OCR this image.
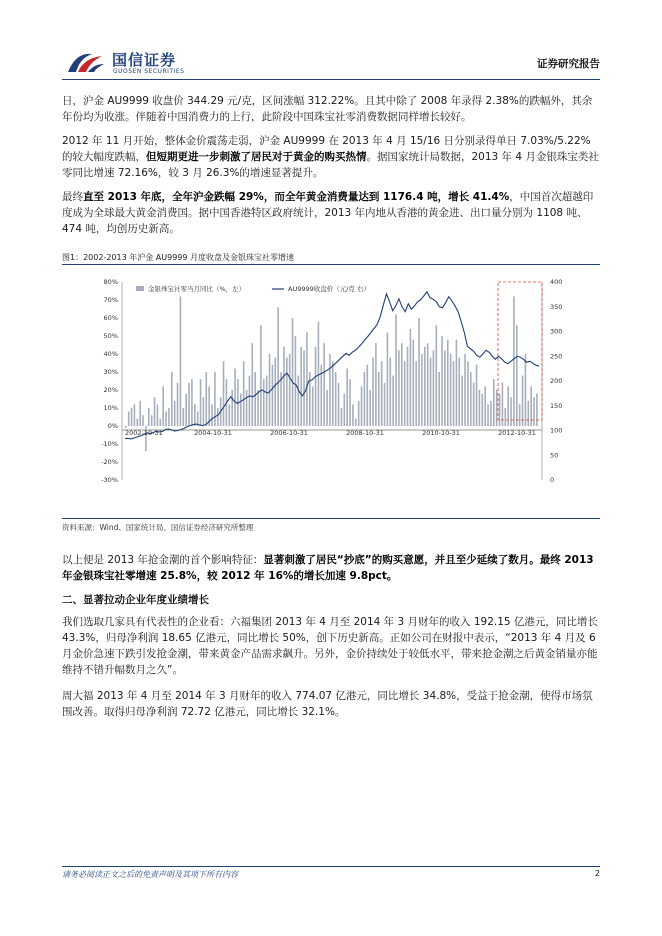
国信证券
GUOSEN SECURITIES
证券研究报告
日，沪金 AU9999 收盘价 344.29 元/克，区间涨幅 312.22%。且其中除了 2008 年录得 2.38%的跌幅外，其余年份均为收涨。伴随着中国消费力的上行，此阶段中国珠宝社零消费数据同样增长较好。
2012 年 11 月开始，整体金价震荡走弱，沪金 AU9999 在 2013 年 4 月 15/16 日分别录得单日 7.03%/5.22%的较大幅度跌幅，但短期更进一步刺激了居民对于黄金的购买热情。据国家统计局数据，2013 年 4 月金银珠宝类社零同比增速 72.16%，较 3 月 26.3%的增速显著提升。
最终直至 2013 年底，全年沪金跌幅 29%，而全年黄金消费量达到 1176.4 吨，增长 41.4%，中国首次超越印度成为全球最大黄金消费国。据中国香港特区政府统计，2013 年内地从香港的黄金进、出口量分别为 1108 吨、474 吨，均创历史新高。
图1：2002-2013 年沪金 AU9999 月度收盘及金银珠宝社零增速
80%
70%
60%
50%
40%
30%
20%
10%
0%
-10%
-20%
-30%
400
350
300
250
200
150
100
50
0
金银珠宝社零当月同比（%，左）	AU9999收盘价（元/克 右）
2002-10-31	2004-10-31	2006-10-31	2008-10-31	2010-10-31	2012-10-31
资料来源：Wind、国家统计局、国信证券经济研究所整理
以上便是 2013 年抢金潮的首个影响特征：显著刺激了居民“抄底”的购买意愿，并且至少延续了数月。最终 2013 年金银珠宝社零增速 25.8%，较 2012 年 16%的增长加速 9.8pct。
二、显著拉动企业年度业绩增长
我们选取几家具有代表性的企业看：六福集团 2013 年 4 月至 2014 年 3 月财年的收入 192.15 亿港元，同比增长 43.3%，归母净利润 18.65 亿港元，同比增长 50%，创下历史新高。正如公司在财报中表示，“2013 年 4 月及 6 月金价急速下跌引发抢金潮，带来黄金产品需求飙升。另外，金价持续处于较低水平，带来抢金潮之后黄金销量亦能维持不错升幅数月之久”。
周大福 2013 年 4 月至 2014 年 3 月财年的收入 774.07 亿港元，同比增长 34.8%，受益于抢金潮，使得市场氛围改善。取得归母净利润 72.72 亿港元，同比增长 32.1%。
请务必阅读正文之后的免责声明及其项下所有内容	2
